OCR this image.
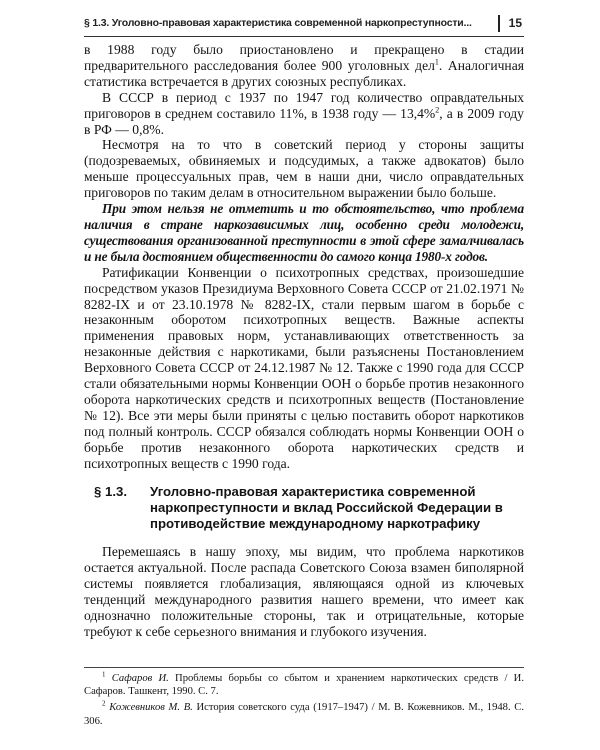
§ 1.3. Уголовно-правовая характеристика современной наркопреступности...	15

в 1988 году было приостановлено и прекращено в стадии предварительного расследования более 900 уголовных дел$^1$. Аналогичная статистика встречается в других союзных республиках.

В СССР в период с 1937 по 1947 год количество оправдательных приговоров в среднем составило 11%, в 1938 году — 13,4%$^2$, а в 2009 году в РФ — 0,8%.

Несмотря на то что в советский период у стороны защиты (подозреваемых, обвиняемых и подсудимых, а также адвокатов) было меньше процессуальных прав, чем в наши дни, число оправдательных приговоров по таким делам в относительном выражении было больше.

При этом нельзя не отметить и то обстоятельство, что проблема наличия в стране наркозависимых лиц, особенно среди молодежи, существования организованной преступности в этой сфере замалчивалась и не была достоянием общественности до самого конца 1980-х годов.

Ратификации Конвенции о психотропных средствах, произошедшие посредством указов Президиума Верховного Совета СССР от 21.02.1971 № 8282-IX и от 23.10.1978 № 8282-IX, стали первым шагом в борьбе с незаконным оборотом психотропных веществ. Важные аспекты применения правовых норм, устанавливающих ответственность за незаконные действия с наркотиками, были разъяснены Постановлением Верховного Совета СССР от 24.12.1987 № 12. Также с 1990 года для СССР стали обязательными нормы Конвенции ООН о борьбе против незаконного оборота наркотических средств и психотропных веществ (Постановление № 12). Все эти меры были приняты с целью поставить оборот наркотиков под полный контроль. СССР обязался соблюдать нормы Конвенции ООН о борьбе против незаконного оборота наркотических средств и психотропных веществ с 1990 года.

§ 1.3.	Уголовно-правовая характеристика современной наркопреступности и вклад Российской Федерации в противодействие международному наркотрафику

Перемешаясь в нашу эпоху, мы видим, что проблема наркотиков остается актуальной. После распада Советского Союза взамен биполярной системы появляется глобализация, являющаяся одной из ключевых тенденций международного развития нашего времени, что имеет как однозначно положительные стороны, так и отрицательные, которые требуют к себе серьезного внимания и глубокого изучения.

$^1$ Сафаров И. Проблемы борьбы со сбытом и хранением наркотических средств / И. Сафаров. Ташкент, 1990. С. 7.

$^2$ Кожевников М. В. История советского суда (1917–1947) / М. В. Кожевников. М., 1948. С. 306.
